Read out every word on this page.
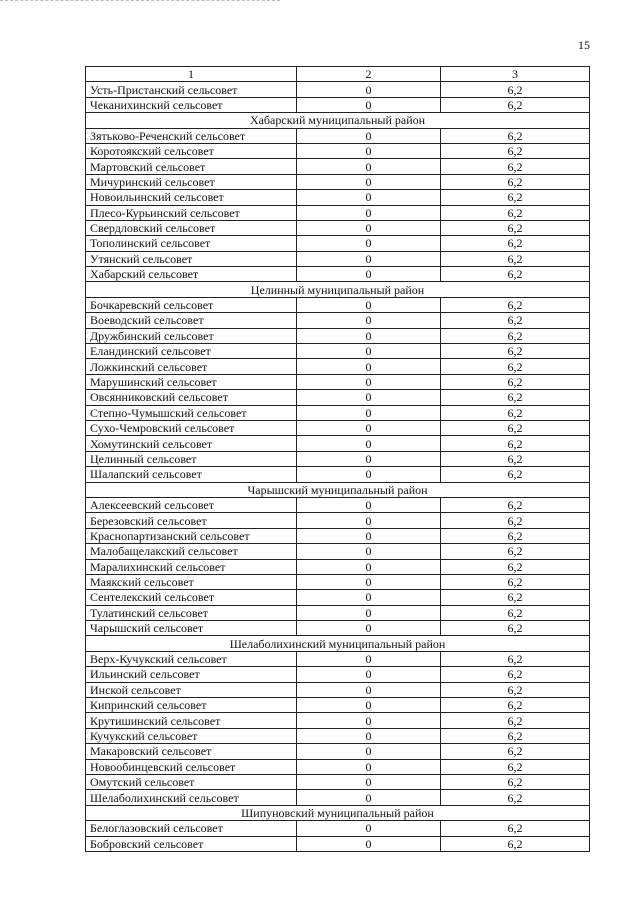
15
1	2	3
Усть-Пристанский сельсовет	0	6,2
Чеканихинский сельсовет	0	6,2
Хабарский муниципальный район		
Зятьково-Реченский сельсовет	0	6,2
Коротоякский сельсовет	0	6,2
Мартовский сельсовет	0	6,2
Мичуринский сельсовет	0	6,2
Новоильинский сельсовет	0	6,2
Плесо-Курьинский сельсовет	0	6,2
Свердловский сельсовет	0	6,2
Тополинский сельсовет	0	6,2
Утянский сельсовет	0	6,2
Хабарский сельсовет	0	6,2
Целинный муниципальный район		
Бочкаревский сельсовет	0	6,2
Воеводский сельсовет	0	6,2
Дружбинский сельсовет	0	6,2
Еландинский сельсовет	0	6,2
Ложкинский сельсовет	0	6,2
Марушинский сельсовет	0	6,2
Овсянниковский сельсовет	0	6,2
Степно-Чумышский сельсовет	0	6,2
Сухо-Чемровский сельсовет	0	6,2
Хомутинский сельсовет	0	6,2
Целинный сельсовет	0	6,2
Шалапский сельсовет	0	6,2
Чарышский муниципальный район		
Алексеевский сельсовет	0	6,2
Березовский сельсовет	0	6,2
Краснопартизанский сельсовет	0	6,2
Малобащелакский сельсовет	0	6,2
Маралихинский сельсовет	0	6,2
Маякский сельсовет	0	6,2
Сентелекский сельсовет	0	6,2
Тулатинский сельсовет	0	6,2
Чарышский сельсовет	0	6,2
Шелаболихинский муниципальный район		
Верх-Кучукский сельсовет	0	6,2
Ильинский сельсовет	0	6,2
Инской сельсовет	0	6,2
Кипринский сельсовет	0	6,2
Крутишинский сельсовет	0	6,2
Кучукский сельсовет	0	6,2
Макаровский сельсовет	0	6,2
Новообинцевский сельсовет	0	6,2
Омутский сельсовет	0	6,2
Шелаболихинский сельсовет	0	6,2
Шипуновский муниципальный район		
Белоглазовский сельсовет	0	6,2
Бобровский сельсовет	0	6,2
